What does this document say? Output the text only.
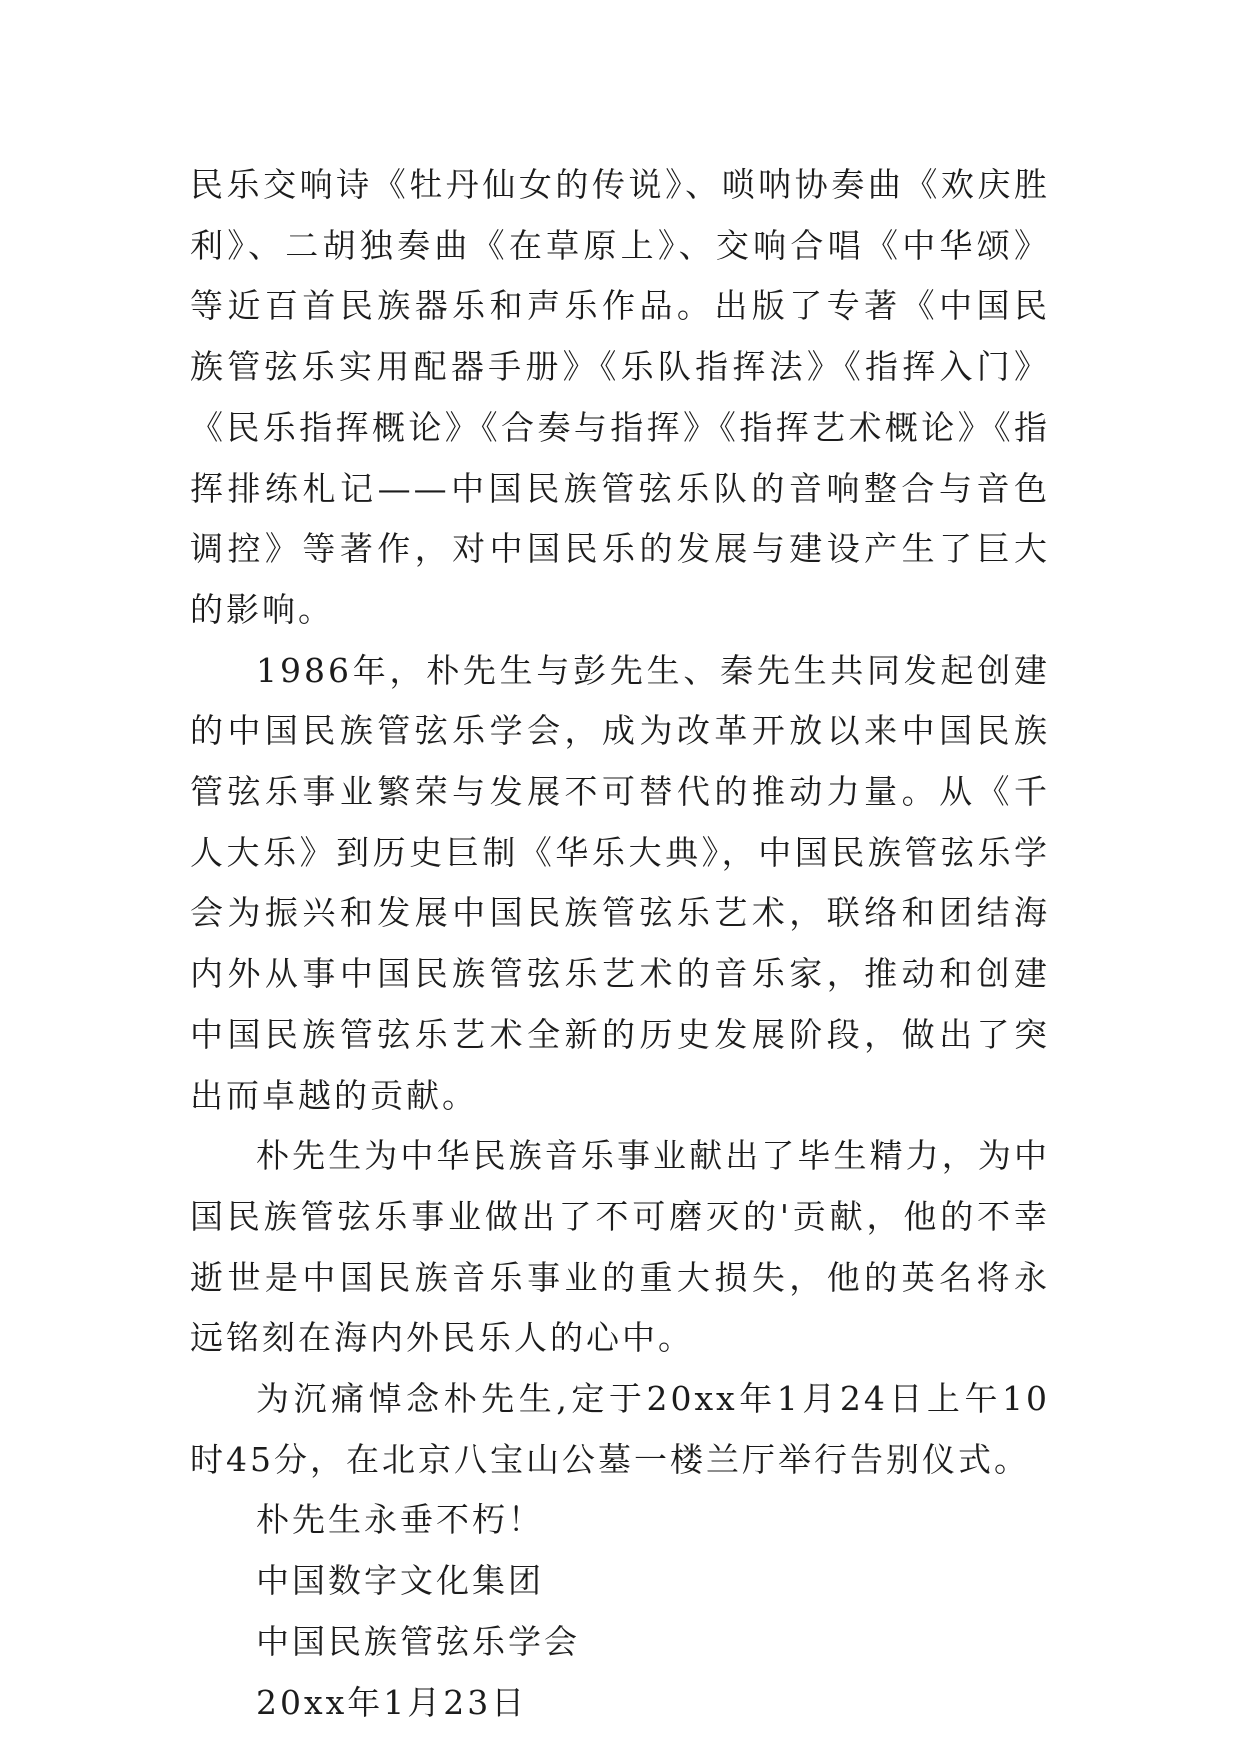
民乐交响诗《牡丹仙女的传说》、唢呐协奏曲《欢庆胜利》、二胡独奏曲《在草原上》、交响合唱《中华颂》等近百首民族器乐和声乐作品。出版了专著《中国民族管弦乐实用配器手册》《乐队指挥法》《指挥入门》《民乐指挥概论》《合奏与指挥》《指挥艺术概论》《指挥排练札记——中国民族管弦乐队的音响整合与音色调控》等著作，对中国民乐的发展与建设产生了巨大的影响。

1986年，朴先生与彭先生、秦先生共同发起创建的中国民族管弦乐学会，成为改革开放以来中国民族管弦乐事业繁荣与发展不可替代的推动力量。从《千人大乐》到历史巨制《华乐大典》，中国民族管弦乐学会为振兴和发展中国民族管弦乐艺术，联络和团结海内外从事中国民族管弦乐艺术的音乐家，推动和创建中国民族管弦乐艺术全新的历史发展阶段，做出了突出而卓越的贡献。

朴先生为中华民族音乐事业献出了毕生精力，为中国民族管弦乐事业做出了不可磨灭的'贡献，他的不幸逝世是中国民族音乐事业的重大损失，他的英名将永远铭刻在海内外民乐人的心中。

为沉痛悼念朴先生,定于20xx年1月24日上午10时45分，在北京八宝山公墓一楼兰厅举行告别仪式。

朴先生永垂不朽！

中国数字文化集团

中国民族管弦乐学会

20xx年1月23日
